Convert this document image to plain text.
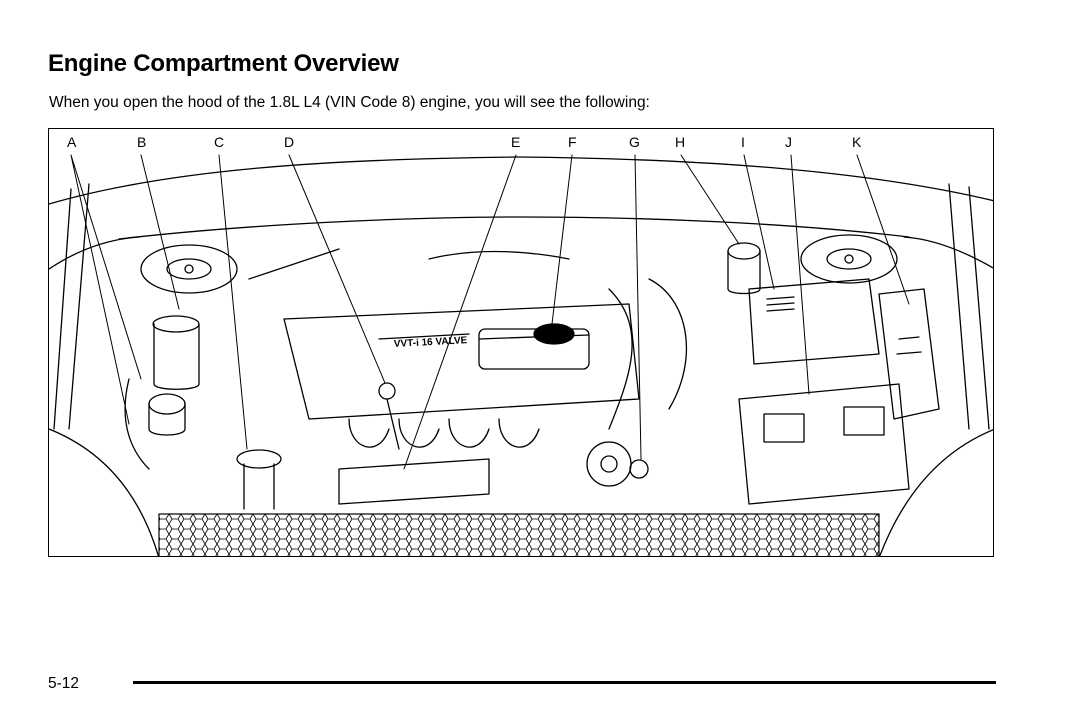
Engine Compartment Overview

When you open the hood of the 1.8L L4 (VIN Code 8) engine, you will see the following:

VVT-i 16 VALVE
A	B	C	D	E	F	G	H	I	J	K
5-12
